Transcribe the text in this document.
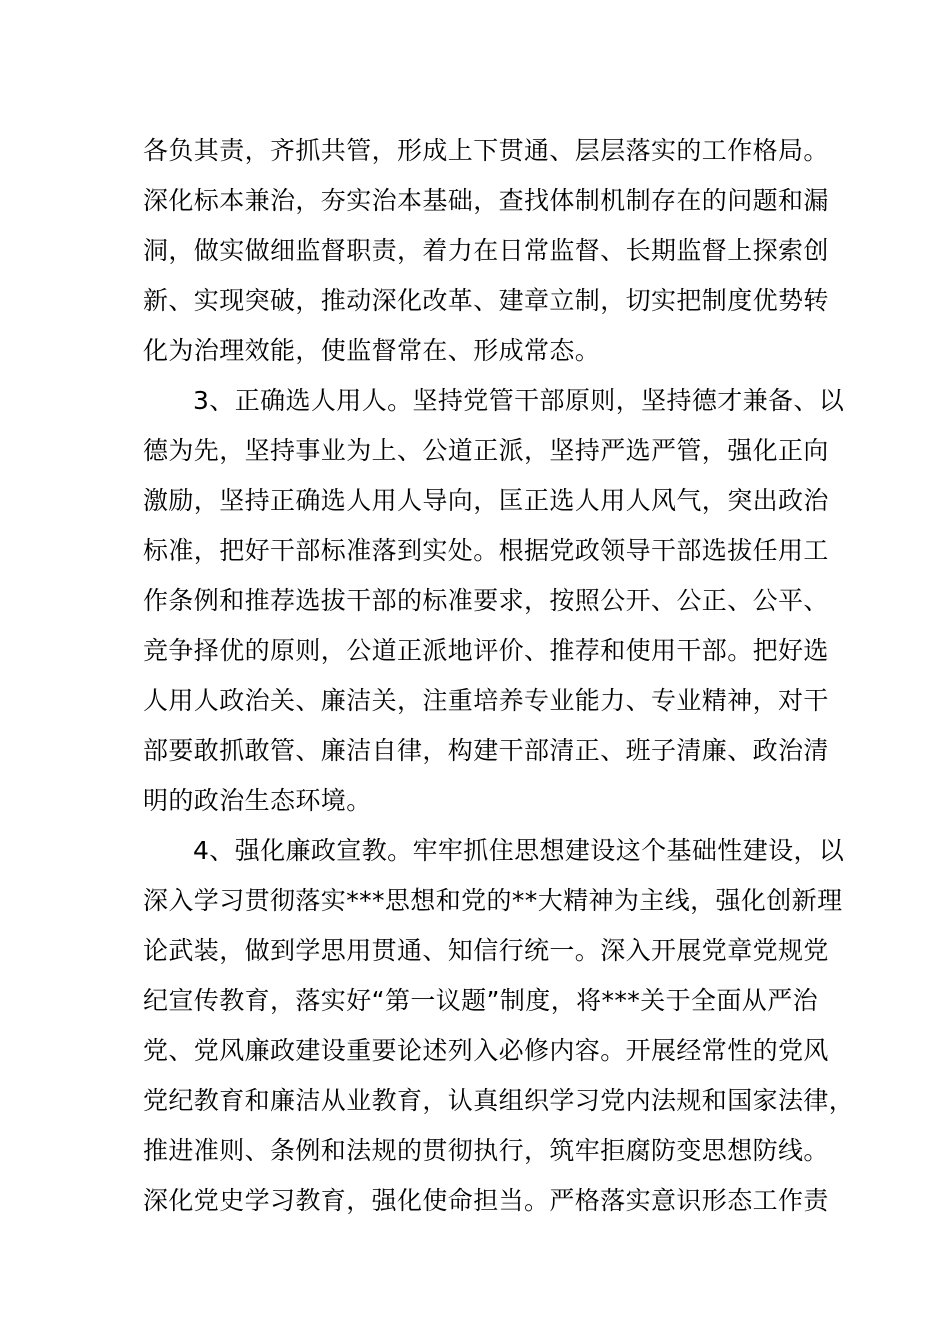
各负其责，齐抓共管，形成上下贯通、层层落实的工作格局。
深化标本兼治，夯实治本基础，查找体制机制存在的问题和漏
洞，做实做细监督职责，着力在日常监督、长期监督上探索创
新、实现突破，推动深化改革、建章立制，切实把制度优势转
化为治理效能，使监督常在、形成常态。
3、正确选人用人。坚持党管干部原则，坚持德才兼备、以
德为先，坚持事业为上、公道正派，坚持严选严管，强化正向
激励，坚持正确选人用人导向，匡正选人用人风气，突出政治
标准，把好干部标准落到实处。根据党政领导干部选拔任用工
作条例和推荐选拔干部的标准要求，按照公开、公正、公平、
竞争择优的原则，公道正派地评价、推荐和使用干部。把好选
人用人政治关、廉洁关，注重培养专业能力、专业精神，对干
部要敢抓敢管、廉洁自律，构建干部清正、班子清廉、政治清
明的政治生态环境。
4、强化廉政宣教。牢牢抓住思想建设这个基础性建设，以
深入学习贯彻落实***思想和党的**大精神为主线，强化创新理
论武装，做到学思用贯通、知信行统一。深入开展党章党规党
纪宣传教育，落实好“第一议题”制度，将***关于全面从严治
党、党风廉政建设重要论述列入必修内容。开展经常性的党风
党纪教育和廉洁从业教育，认真组织学习党内法规和国家法律，
推进准则、条例和法规的贯彻执行，筑牢拒腐防变思想防线。
深化党史学习教育，强化使命担当。严格落实意识形态工作责
